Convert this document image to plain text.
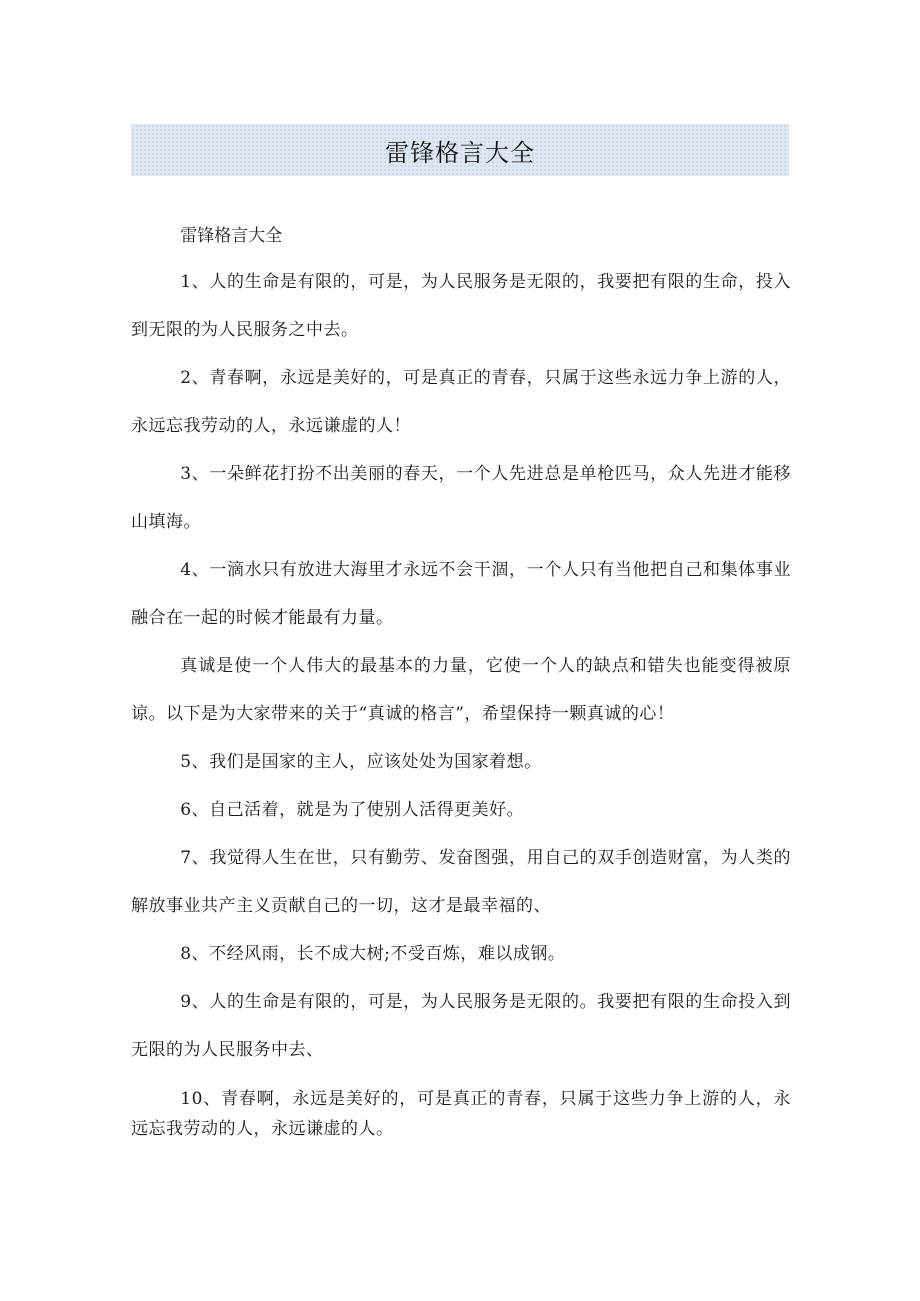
雷锋格言大全

雷锋格言大全

1、人的生命是有限的，可是，为人民服务是无限的，我要把有限的生命，投入到无限的为人民服务之中去。

2、青春啊，永远是美好的，可是真正的青春，只属于这些永远力争上游的人，永远忘我劳动的人，永远谦虚的人！

3、一朵鲜花打扮不出美丽的春天，一个人先进总是单枪匹马，众人先进才能移山填海。

4、一滴水只有放进大海里才永远不会干涸，一个人只有当他把自己和集体事业融合在一起的时候才能最有力量。

真诚是使一个人伟大的最基本的力量，它使一个人的缺点和错失也能变得被原谅。以下是为大家带来的关于“真诚的格言”，希望保持一颗真诚的心！

5、我们是国家的主人，应该处处为国家着想。

6、自己活着，就是为了使别人活得更美好。

7、我觉得人生在世，只有勤劳、发奋图强，用自己的双手创造财富，为人类的解放事业共产主义贡献自己的一切，这才是最幸福的、

8、不经风雨，长不成大树;不受百炼，难以成钢。

9、人的生命是有限的，可是，为人民服务是无限的。我要把有限的生命投入到无限的为人民服务中去、

10、青春啊，永远是美好的，可是真正的青春，只属于这些力争上游的人，永远忘我劳动的人，永远谦虚的人。
